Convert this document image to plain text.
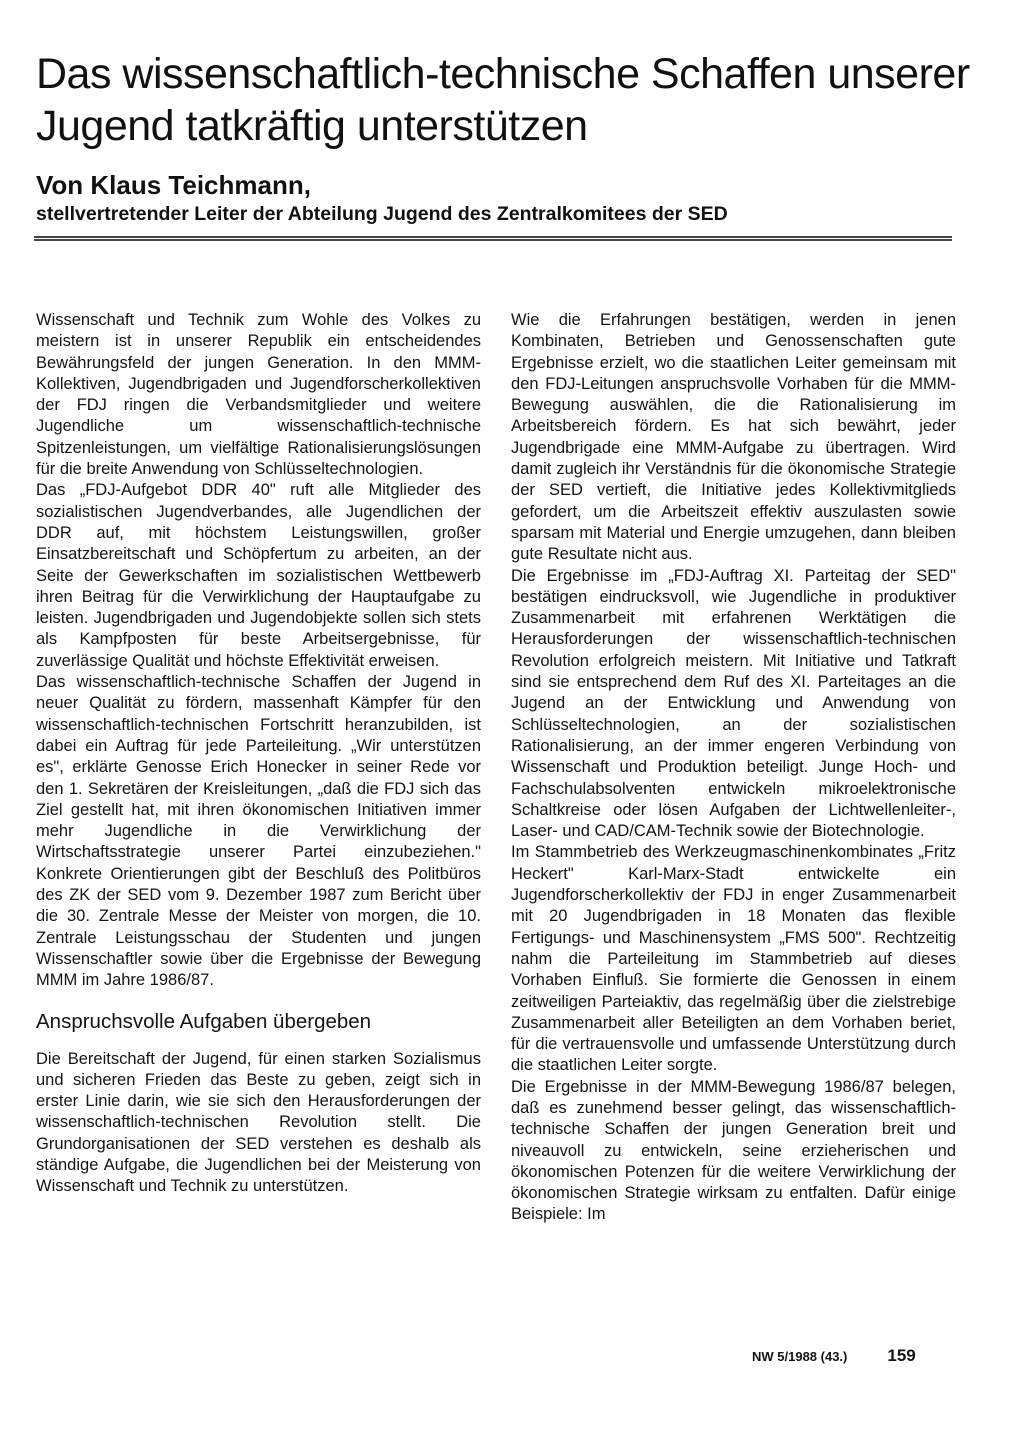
Das wissenschaftlich-technische Schaffen unserer Jugend tatkräftig unterstützen
Von Klaus Teichmann,
stellvertretender Leiter der Abteilung Jugend des Zentralkomitees der SED

Wissenschaft und Technik zum Wohle des Volkes zu meistern ist in unserer Republik ein entscheidendes Bewährungsfeld der jungen Generation. In den MMM-Kollektiven, Jugendbrigaden und Jugendforscherkollektiven der FDJ ringen die Verbandsmitglieder und weitere Jugendliche um wissenschaftlich-technische Spitzenleistungen, um vielfältige Rationalisierungslösungen für die breite Anwendung von Schlüsseltechnologien.

Das „FDJ-Aufgebot DDR 40" ruft alle Mitglieder des sozialistischen Jugendverbandes, alle Jugendlichen der DDR auf, mit höchstem Leistungswillen, großer Einsatzbereitschaft und Schöpfertum zu arbeiten, an der Seite der Gewerkschaften im sozialistischen Wettbewerb ihren Beitrag für die Verwirklichung der Hauptaufgabe zu leisten. Jugendbrigaden und Jugendobjekte sollen sich stets als Kampfposten für beste Arbeitsergebnisse, für zuverlässige Qualität und höchste Effektivität erweisen.

Das wissenschaftlich-technische Schaffen der Jugend in neuer Qualität zu fördern, massenhaft Kämpfer für den wissenschaftlich-technischen Fortschritt heranzubilden, ist dabei ein Auftrag für jede Parteileitung. „Wir unterstützen es", erklärte Genosse Erich Honecker in seiner Rede vor den 1. Sekretären der Kreisleitungen, „daß die FDJ sich das Ziel gestellt hat, mit ihren ökonomischen Initiativen immer mehr Jugendliche in die Verwirklichung der Wirtschaftsstrategie unserer Partei einzubeziehen." Konkrete Orientierungen gibt der Beschluß des Politbüros des ZK der SED vom 9. Dezember 1987 zum Bericht über die 30. Zentrale Messe der Meister von morgen, die 10. Zentrale Leistungsschau der Studenten und jungen Wissenschaftler sowie über die Ergebnisse der Bewegung MMM im Jahre 1986/87.

Anspruchsvolle Aufgaben übergeben

Die Bereitschaft der Jugend, für einen starken Sozialismus und sicheren Frieden das Beste zu geben, zeigt sich in erster Linie darin, wie sie sich den Herausforderungen der wissenschaftlich-technischen Revolution stellt. Die Grundorganisationen der SED verstehen es deshalb als ständige Aufgabe, die Jugendlichen bei der Meisterung von Wissenschaft und Technik zu unterstützen.

Wie die Erfahrungen bestätigen, werden in jenen Kombinaten, Betrieben und Genossenschaften gute Ergebnisse erzielt, wo die staatlichen Leiter gemeinsam mit den FDJ-Leitungen anspruchsvolle Vorhaben für die MMM-Bewegung auswählen, die die Rationalisierung im Arbeitsbereich fördern. Es hat sich bewährt, jeder Jugendbrigade eine MMM-Aufgabe zu übertragen. Wird damit zugleich ihr Verständnis für die ökonomische Strategie der SED vertieft, die Initiative jedes Kollektivmitglieds gefordert, um die Arbeitszeit effektiv auszulasten sowie sparsam mit Material und Energie umzugehen, dann bleiben gute Resultate nicht aus.

Die Ergebnisse im „FDJ-Auftrag XI. Parteitag der SED" bestätigen eindrucksvoll, wie Jugendliche in produktiver Zusammenarbeit mit erfahrenen Werktätigen die Herausforderungen der wissenschaftlich-technischen Revolution erfolgreich meistern. Mit Initiative und Tatkraft sind sie entsprechend dem Ruf des XI. Parteitages an die Jugend an der Entwicklung und Anwendung von Schlüsseltechnologien, an der sozialistischen Rationalisierung, an der immer engeren Verbindung von Wissenschaft und Produktion beteiligt. Junge Hoch- und Fachschulabsolventen entwickeln mikroelektronische Schaltkreise oder lösen Aufgaben der Lichtwellenleiter-, Laser- und CAD/CAM-Technik sowie der Biotechnologie.

Im Stammbetrieb des Werkzeugmaschinenkombinates „Fritz Heckert" Karl-Marx-Stadt entwickelte ein Jugendforscherkollektiv der FDJ in enger Zusammenarbeit mit 20 Jugendbrigaden in 18 Monaten das flexible Fertigungs- und Maschinensystem „FMS 500". Rechtzeitig nahm die Parteileitung im Stammbetrieb auf dieses Vorhaben Einfluß. Sie formierte die Genossen in einem zeitweiligen Parteiaktiv, das regelmäßig über die zielstrebige Zusammenarbeit aller Beteiligten an dem Vorhaben beriet, für die vertrauensvolle und umfassende Unterstützung durch die staatlichen Leiter sorgte.

Die Ergebnisse in der MMM-Bewegung 1986/87 belegen, daß es zunehmend besser gelingt, das wissenschaftlich-technische Schaffen der jungen Generation breit und niveauvoll zu entwickeln, seine erzieherischen und ökonomischen Potenzen für die weitere Verwirklichung der ökonomischen Strategie wirksam zu entfalten. Dafür einige Beispiele: Im

NW 5/1988 (43.) 159
